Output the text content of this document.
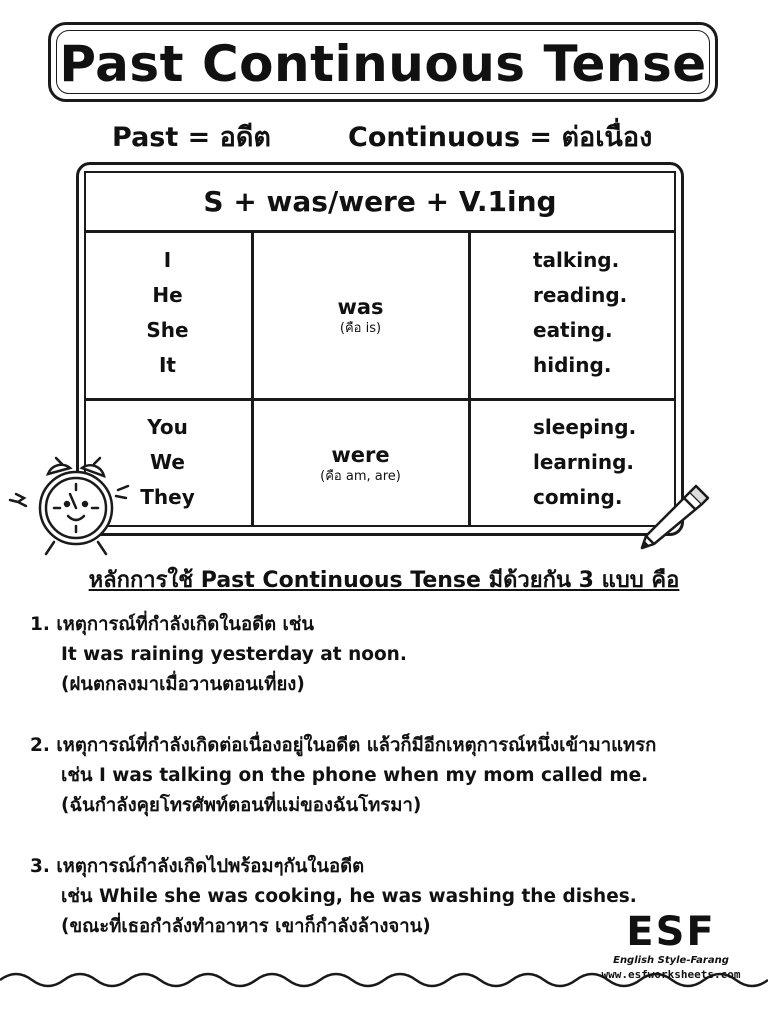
Past Continuous Tense
Past = อดีต	Continuous = ต่อเนื่อง
S + was/were + V.1ing
I
He
She
It
was
(คือ is)
talking.
reading.
eating.
hiding.
You
We
They
were
(คือ am, are)
sleeping.
learning.
coming.
หลักการใช้ Past Continuous Tense มีด้วยกัน 3 แบบ คือ
1. เหตุการณ์ที่กำลังเกิดในอดีต เช่น
It was raining yesterday at noon.
(ฝนตกลงมาเมื่อวานตอนเที่ยง)
2. เหตุการณ์ที่กำลังเกิดต่อเนื่องอยู่ในอดีต แล้วก็มีอีกเหตุการณ์หนึ่งเข้ามาแทรก
เช่น I was talking on the phone when my mom called me.
(ฉันกำลังคุยโทรศัพท์ตอนที่แม่ของฉันโทรมา)
3. เหตุการณ์กำลังเกิดไปพร้อมๆกันในอดีต
เช่น While she was cooking, he was washing the dishes.
(ขณะที่เธอกำลังทำอาหาร เขาก็กำลังล้างจาน)	ESF
English Style-Farang
www.esfworksheets.com
